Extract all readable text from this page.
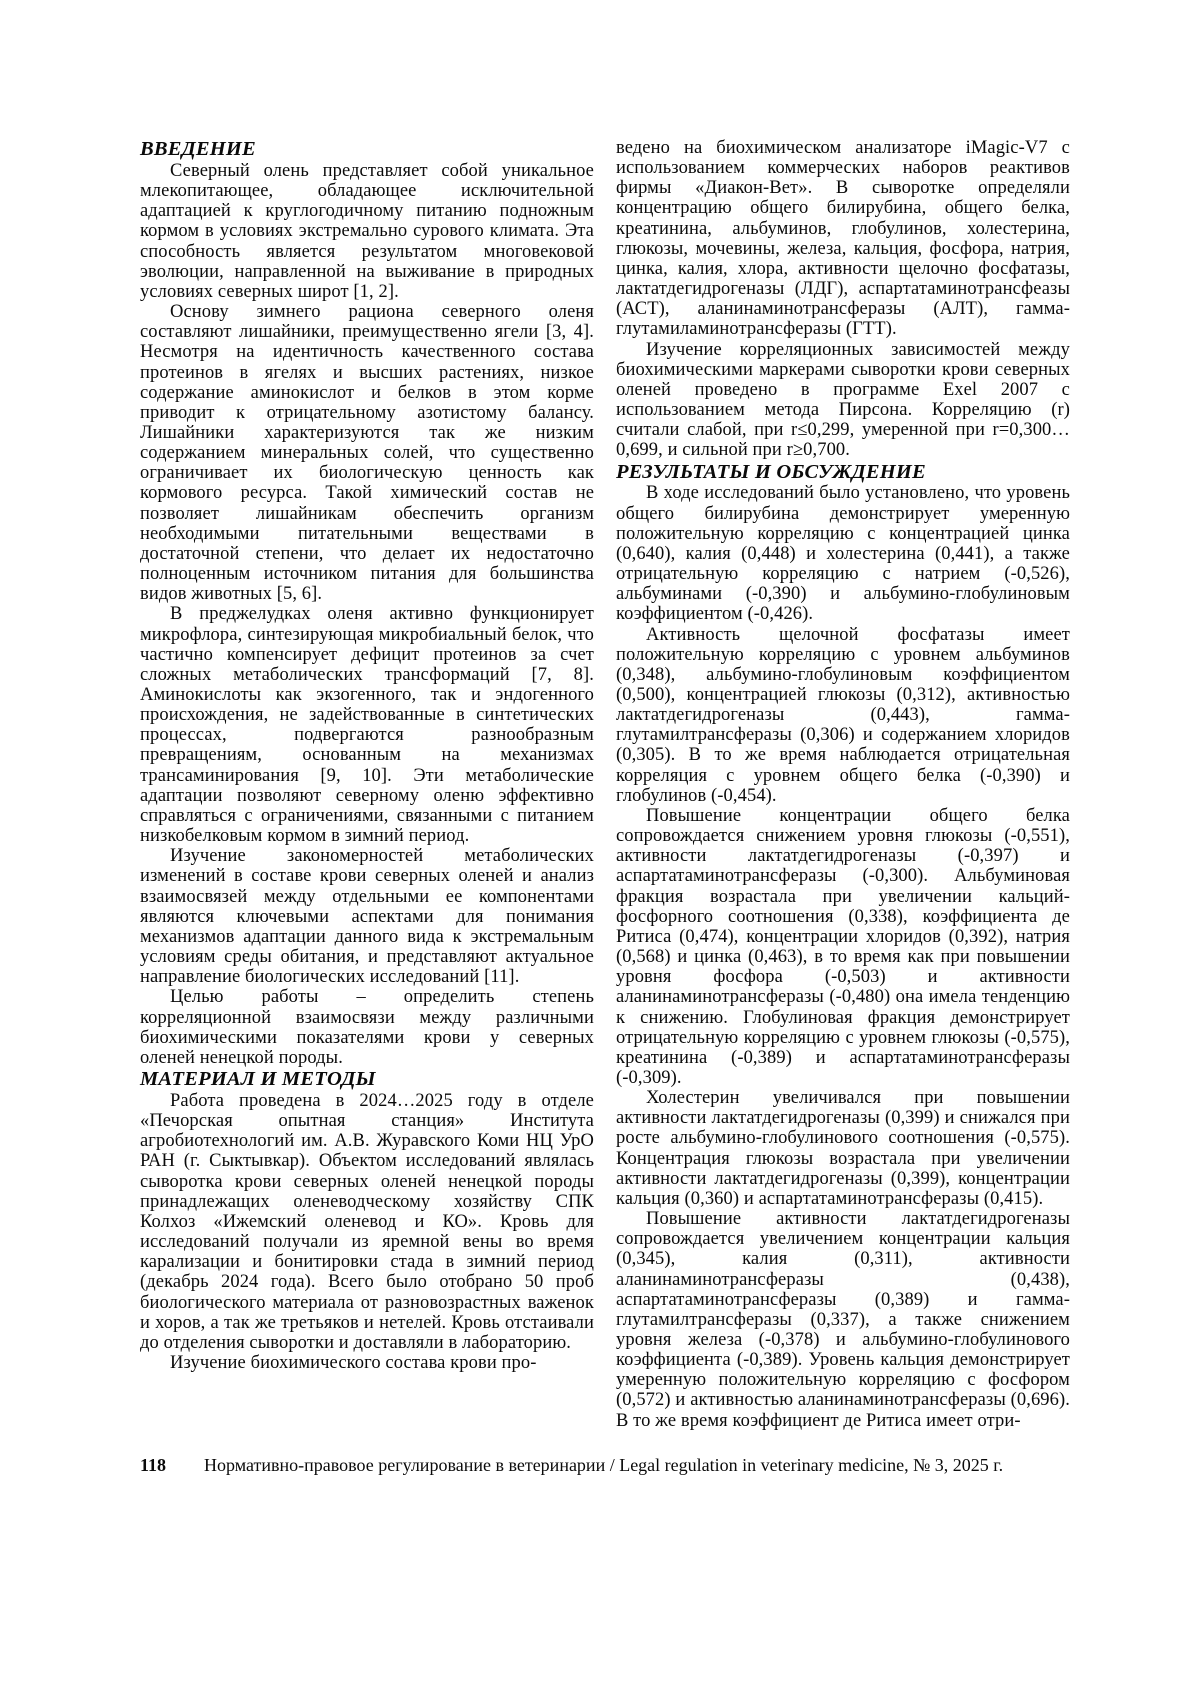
ВВЕДЕНИЕ

Северный олень представляет собой уникальное млекопитающее, обладающее исключительной адаптацией к круглогодичному питанию подножным кормом в условиях экстремально сурового климата. Эта способность является результатом многовековой эволюции, направленной на выживание в природных условиях северных широт [1, 2].

Основу зимнего рациона северного оленя составляют лишайники, преимущественно ягели [3, 4]. Несмотря на идентичность качественного состава протеинов в ягелях и высших растениях, низкое содержание аминокислот и белков в этом корме приводит к отрицательному азотистому балансу. Лишайники характеризуются так же низким содержанием минеральных солей, что существенно ограничивает их биологическую ценность как кормового ресурса. Такой химический состав не позволяет лишайникам обеспечить организм необходимыми питательными веществами в достаточной степени, что делает их недостаточно полноценным источником питания для большинства видов животных [5, 6].

В преджелудках оленя активно функционирует микрофлора, синтезирующая микробиальный белок, что частично компенсирует дефицит протеинов за счет сложных метаболических трансформаций [7, 8]. Аминокислоты как экзогенного, так и эндогенного происхождения, не задействованные в синтетических процессах, подвергаются разнообразным превращениям, основанным на механизмах трансаминирования [9, 10]. Эти метаболические адаптации позволяют северному оленю эффективно справляться с ограничениями, связанными с питанием низкобелковым кормом в зимний период.

Изучение закономерностей метаболических изменений в составе крови северных оленей и анализ взаимосвязей между отдельными ее компонентами являются ключевыми аспектами для понимания механизмов адаптации данного вида к экстремальным условиям среды обитания, и представляют актуальное направление биологических исследований [11].

Целью работы – определить степень корреляционной взаимосвязи между различными биохимическими показателями крови у северных оленей ненецкой породы.

МАТЕРИАЛ И МЕТОДЫ

Работа проведена в 2024…2025 году в отделе «Печорская опытная станция» Института агробиотехнологий им. А.В. Журавского Коми НЦ УрО РАН (г. Сыктывкар). Объектом исследований являлась сыворотка крови северных оленей ненецкой породы принадлежащих оленеводческому хозяйству СПК Колхоз «Ижемский оленевод и КО». Кровь для исследований получали из яремной вены во время карализации и бонитировки стада в зимний период (декабрь 2024 года). Всего было отобрано 50 проб биологического материала от разновозрастных важенок и хоров, а так же третьяков и нетелей. Кровь отстаивали до отделения сыворотки и доставляли в лабораторию.

Изучение биохимического состава крови про-

ведено на биохимическом анализаторе iMagic-V7 с использованием коммерческих наборов реактивов фирмы «Диакон-Вет». В сыворотке определяли концентрацию общего билирубина, общего белка, креатинина, альбуминов, глобулинов, холестерина, глюкозы, мочевины, железа, кальция, фосфора, натрия, цинка, калия, хлора, активности щелочно фосфатазы, лактатдегидрогеназы (ЛДГ), аспартатаминотрансфеазы (АСТ), аланинаминотрансферазы (АЛТ), гамма-глутамиламинотрансферазы (ГТТ).

Изучение корреляционных зависимостей между биохимическими маркерами сыворотки крови северных оленей проведено в программе Exel 2007 с использованием метода Пирсона. Корреляцию (r) считали слабой, при r≤0,299, умеренной при r=0,300…0,699, и сильной при r≥0,700.

РЕЗУЛЬТАТЫ И ОБСУЖДЕНИЕ

В ходе исследований было установлено, что уровень общего билирубина демонстрирует умеренную положительную корреляцию с концентрацией цинка (0,640), калия (0,448) и холестерина (0,441), а также отрицательную корреляцию с натрием (-0,526), альбуминами (-0,390) и альбумино-глобулиновым коэффициентом (-0,426).

Активность щелочной фосфатазы имеет положительную корреляцию с уровнем альбуминов (0,348), альбумино-глобулиновым коэффициентом (0,500), концентрацией глюкозы (0,312), активностью лактатдегидрогеназы (0,443), гамма-глутамилтрансферазы (0,306) и содержанием хлоридов (0,305). В то же время наблюдается отрицательная корреляция с уровнем общего белка (-0,390) и глобулинов (-0,454).

Повышение концентрации общего белка сопровождается снижением уровня глюкозы (-0,551), активности лактатдегидрогеназы (-0,397) и аспартатаминотрансферазы (-0,300). Альбуминовая фракция возрастала при увеличении кальций-фосфорного соотношения (0,338), коэффициента де Ритиса (0,474), концентрации хлоридов (0,392), натрия (0,568) и цинка (0,463), в то время как при повышении уровня фосфора (-0,503) и активности аланинаминотрансферазы (-0,480) она имела тенденцию к снижению. Глобулиновая фракция демонстрирует отрицательную корреляцию с уровнем глюкозы (-0,575), креатинина (-0,389) и аспартатаминотрансферазы (-0,309).

Холестерин увеличивался при повышении активности лактатдегидрогеназы (0,399) и снижался при росте альбумино-глобулинового соотношения (-0,575). Концентрация глюкозы возрастала при увеличении активности лактатдегидрогеназы (0,399), концентрации кальция (0,360) и аспартатаминотрансферазы (0,415).

Повышение активности лактатдегидрогеназы сопровождается увеличением концентрации кальция (0,345), калия (0,311), активности аланинаминотрансферазы (0,438), аспартатаминотрансферазы (0,389) и гамма-глутамилтрансферазы (0,337), а также снижением уровня железа (-0,378) и альбумино-глобулинового коэффициента (-0,389). Уровень кальция демонстрирует умеренную положительную корреляцию с фосфором (0,572) и активностью аланинаминотрансферазы (0,696). В то же время коэффициент де Ритиса имеет отри-

118 Нормативно-правовое регулирование в ветеринарии / Legal regulation in veterinary medicine, № 3, 2025 г.
